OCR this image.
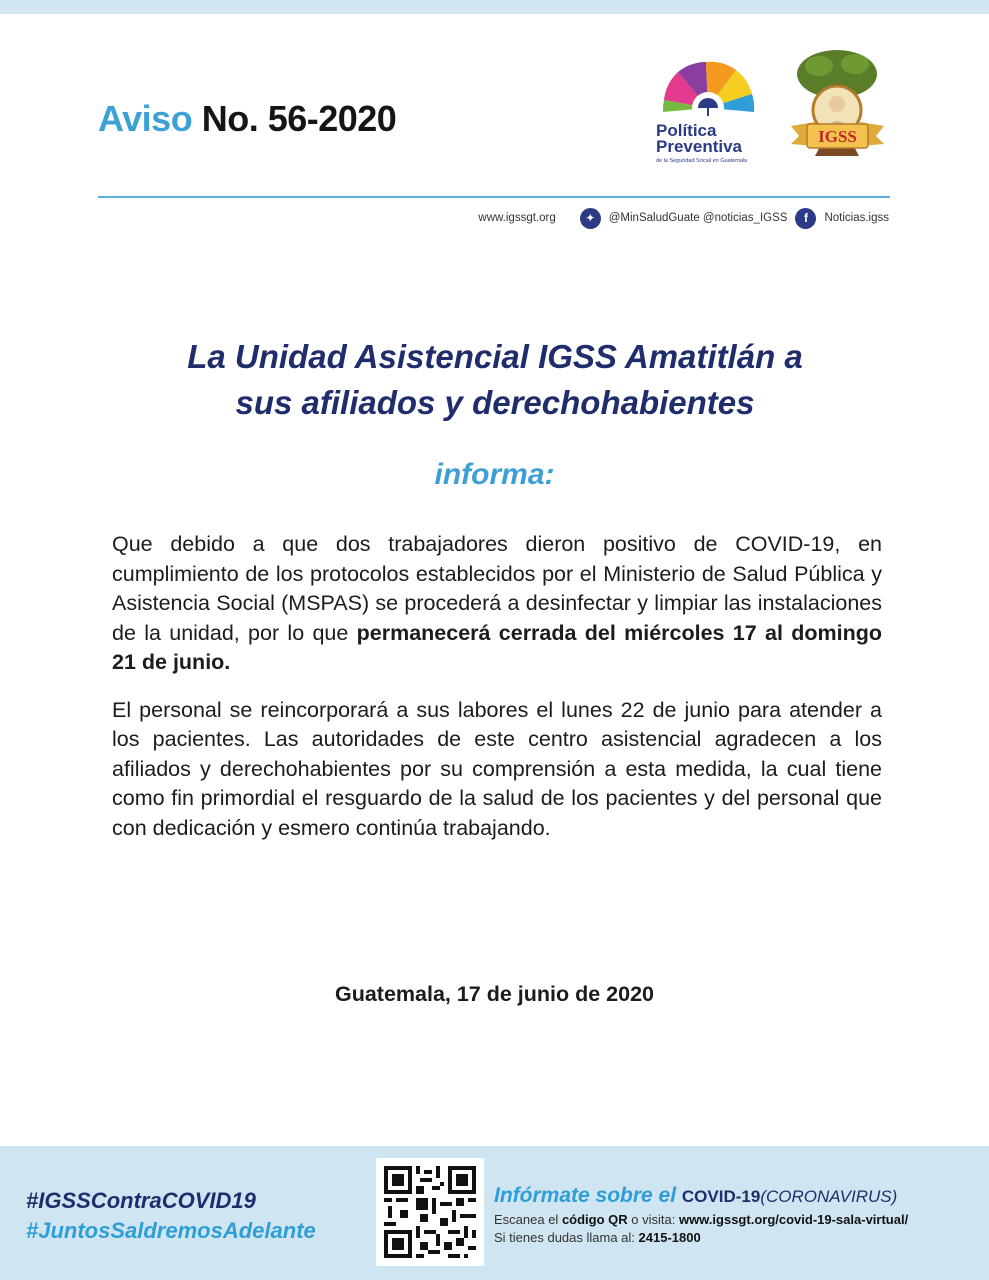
Aviso No. 56-2020	Política
Preventiva
de la Seguridad Social en Guatemala
IGSS
www.igssgt.org	✦	@MinSaludGuate @noticias_IGSS	f	Noticias.igss
La Unidad Asistencial IGSS Amatitlán a
sus afiliados y derechohabientes
informa:

Que debido a que dos trabajadores dieron positivo de COVID-19, en cumplimiento de los protocolos establecidos por el Ministerio de Salud Pública y Asistencia Social (MSPAS) se procederá a desinfectar y limpiar las instalaciones de la unidad, por lo que permanecerá cerrada del miércoles 17 al domingo 21 de junio.

El personal se reincorporará a sus labores el lunes 22 de junio para atender a los pacientes. Las autoridades de este centro asistencial agradecen a los afiliados y derechohabientes por su comprensión a esta medida, la cual tiene como fin primordial el resguardo de la salud de los pacientes y del personal que con dedicación y esmero continúa trabajando.

Guatemala, 17 de junio de 2020
#IGSSContraCOVID19
#JuntosSaldremosAdelante
Infórmate sobre el COVID-19(CORONAVIRUS)
Escanea el código QR o visita: www.igssgt.org/covid-19-sala-virtual/
Si tienes dudas llama al: 2415-1800
